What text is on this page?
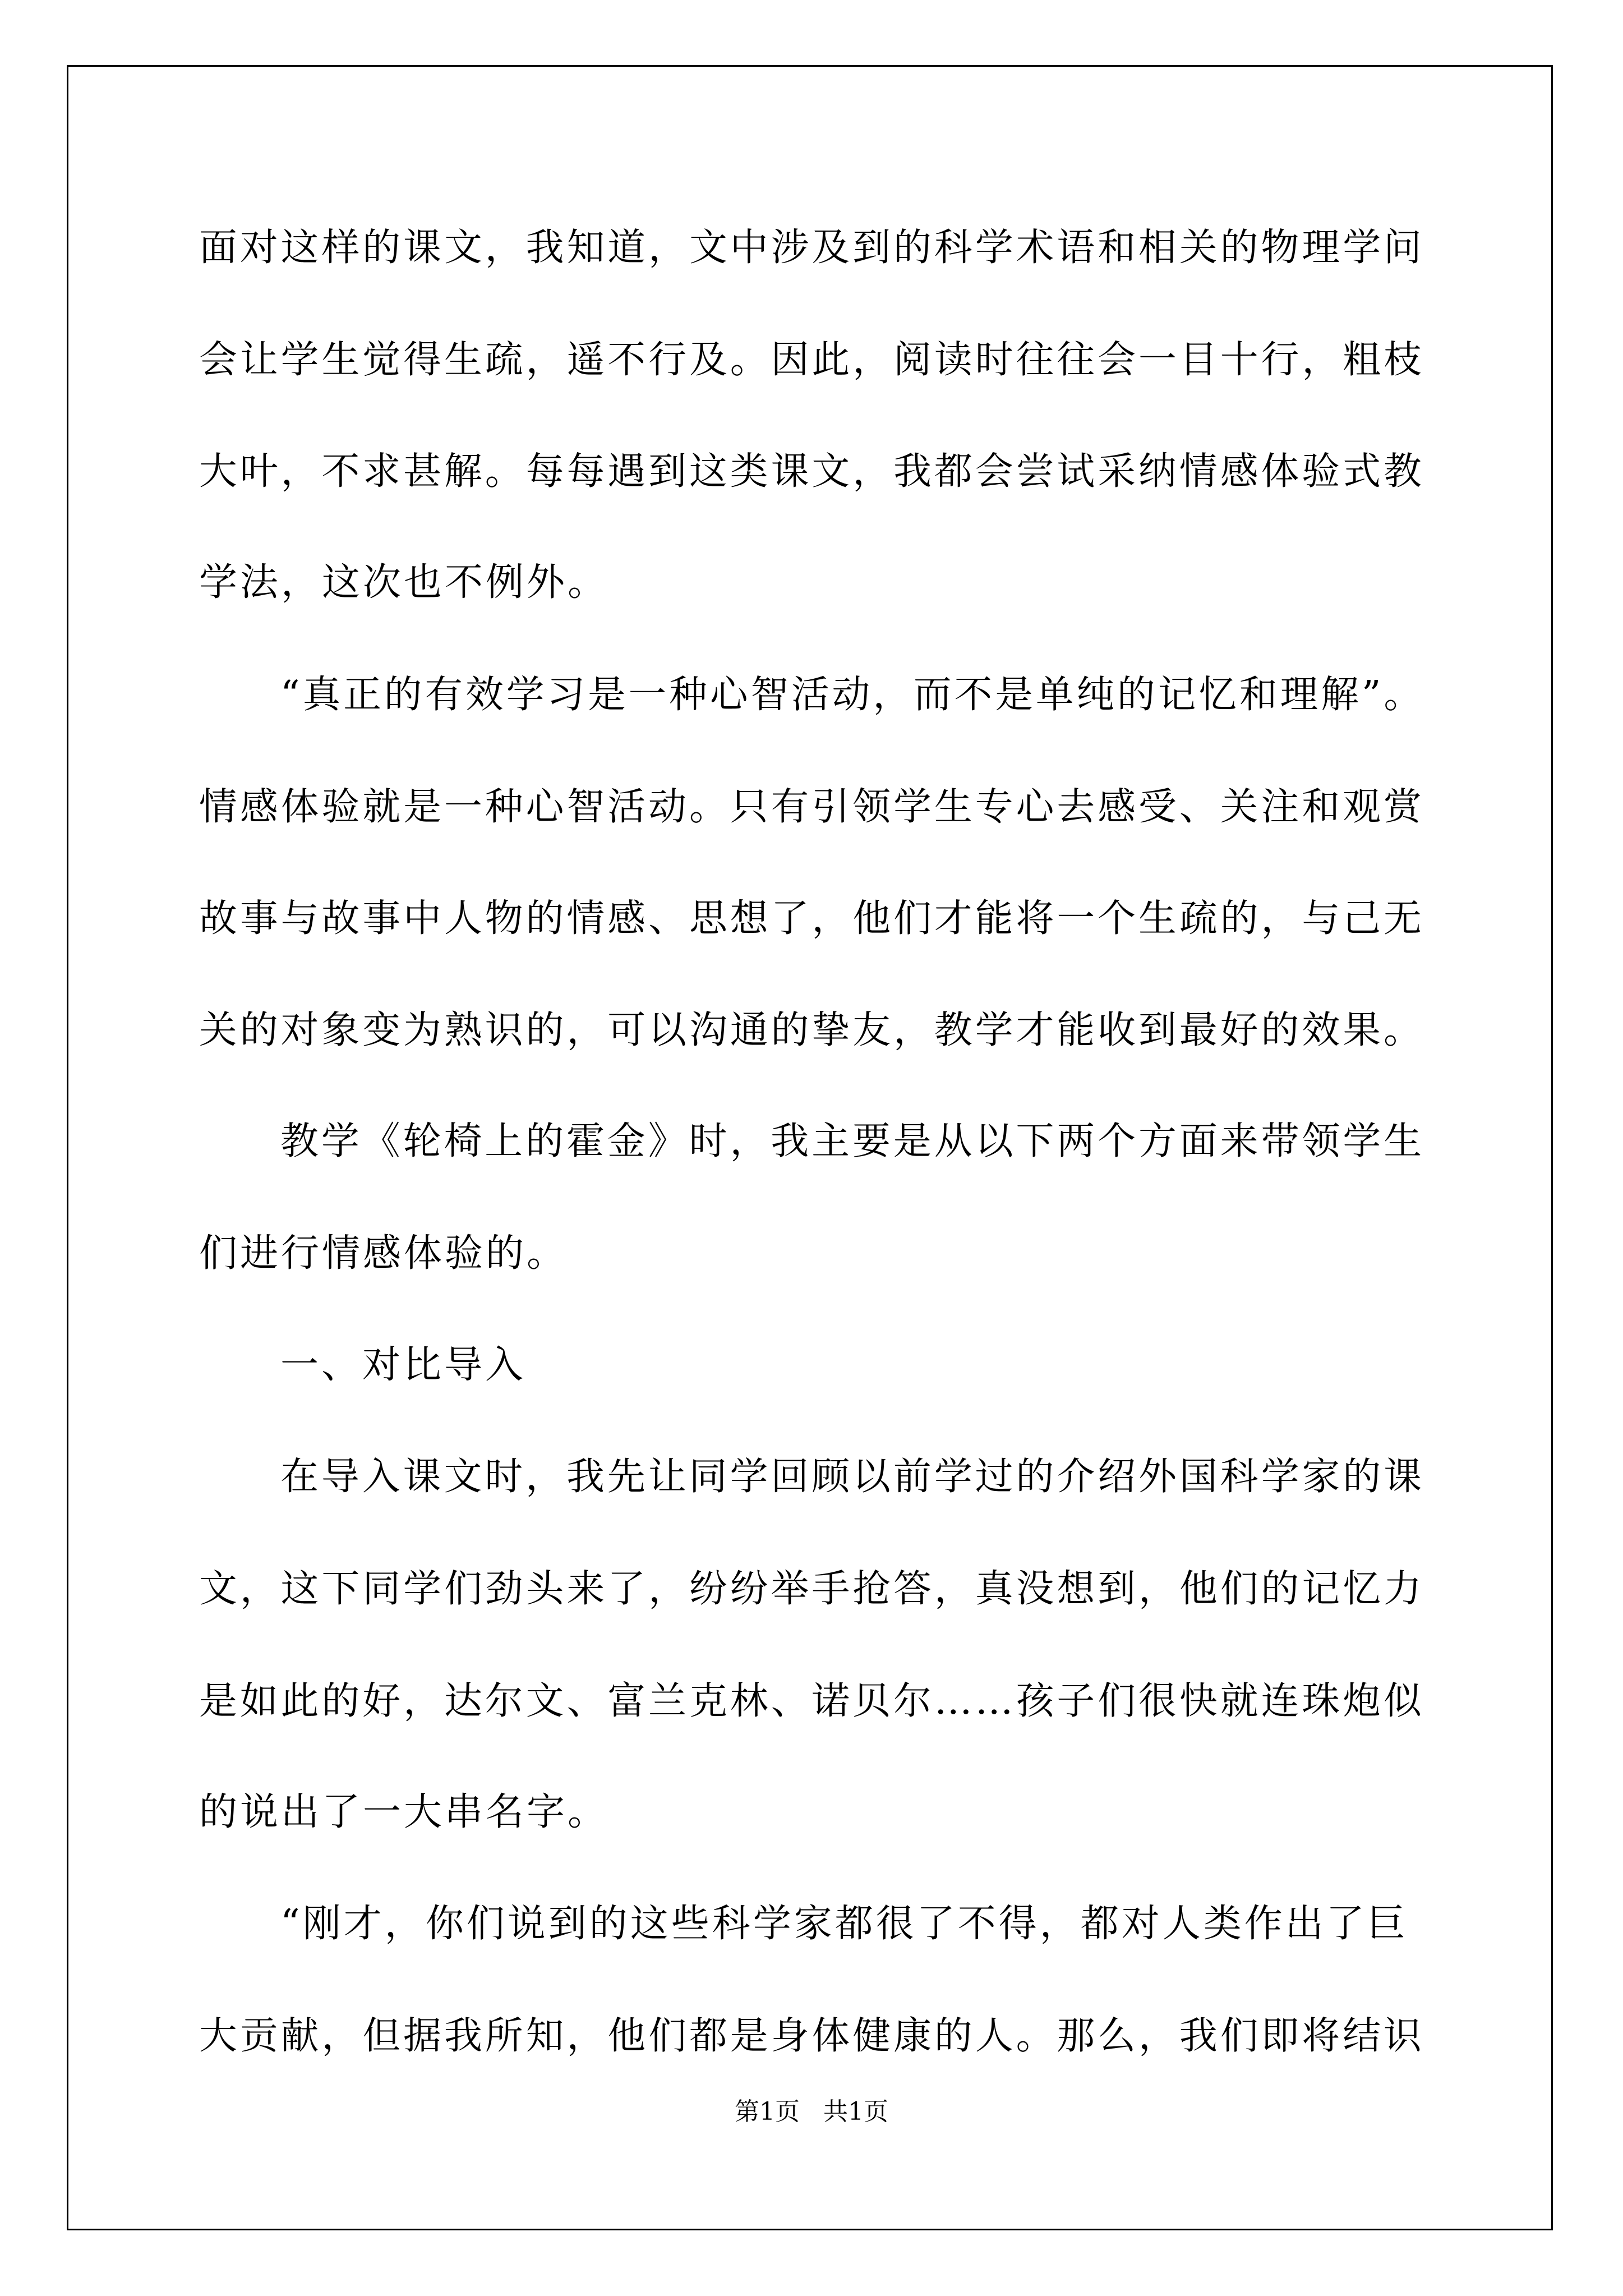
面对这样的课文，我知道，文中涉及到的科学术语和相关的物理学问

会让学生觉得生疏，遥不行及。因此，阅读时往往会一目十行，粗枝

大叶，不求甚解。每每遇到这类课文，我都会尝试采纳情感体验式教

学法，这次也不例外。

“真正的有效学习是一种心智活动，而不是单纯的记忆和理解”。

情感体验就是一种心智活动。只有引领学生专心去感受、关注和观赏

故事与故事中人物的情感、思想了，他们才能将一个生疏的，与己无

关的对象变为熟识的，可以沟通的挚友，教学才能收到最好的效果。

教学《轮椅上的霍金》时，我主要是从以下两个方面来带领学生

们进行情感体验的。

一、对比导入

在导入课文时，我先让同学回顾以前学过的介绍外国科学家的课

文，这下同学们劲头来了，纷纷举手抢答，真没想到，他们的记忆力

是如此的好，达尔文、富兰克林、诺贝尔……孩子们很快就连珠炮似

的说出了一大串名字。

“刚才，你们说到的这些科学家都很了不得，都对人类作出了巨

大贡献，但据我所知，他们都是身体健康的人。那么，我们即将结识

第1页   共1页
